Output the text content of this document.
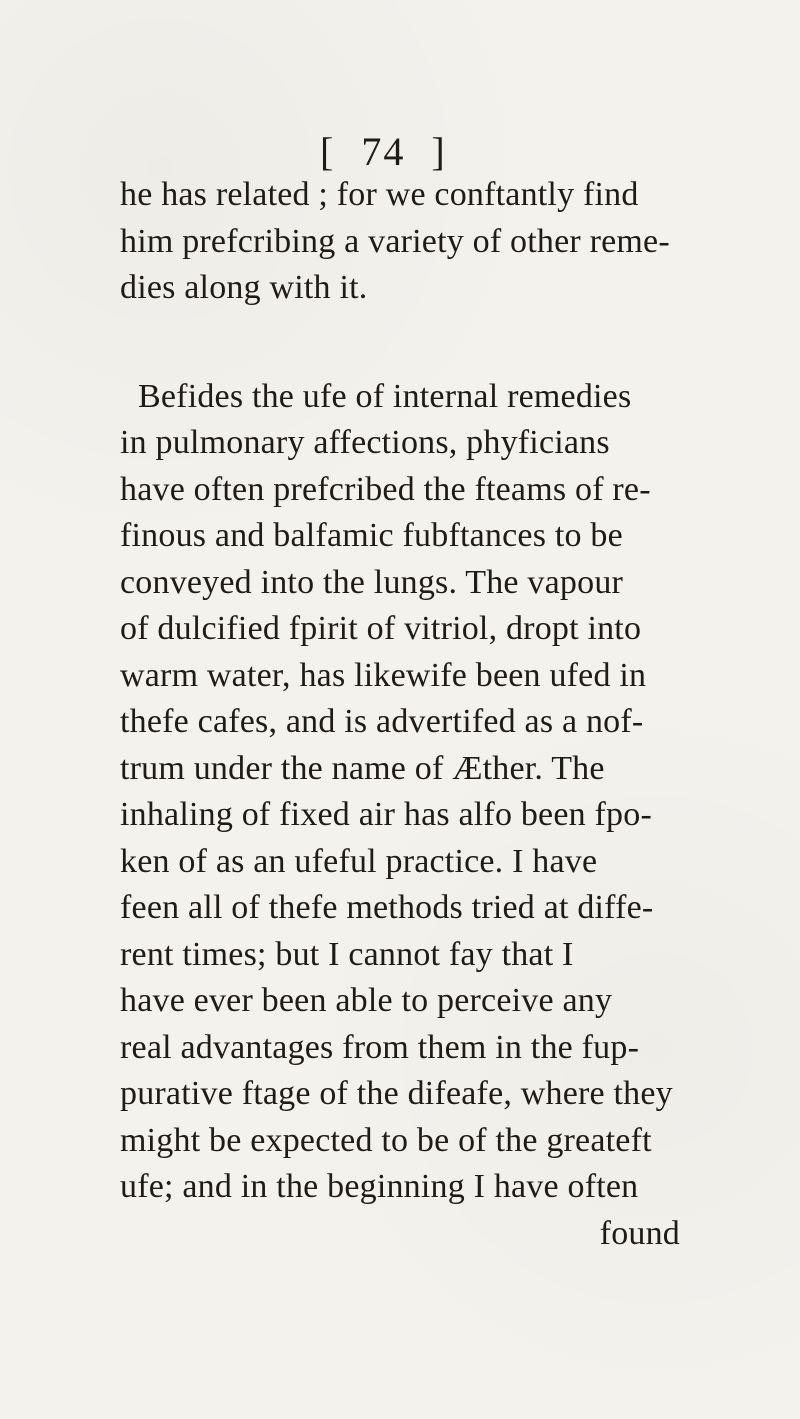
[ 74 ]
he has related ; for we conftantly find
him prefcribing a variety of other reme-
dies along with it.
Befides the ufe of internal remedies
in pulmonary affections, phyficians
have often prefcribed the fteams of re-
finous and balfamic fubftances to be
conveyed into the lungs. The vapour
of dulcified fpirit of vitriol, dropt into
warm water, has likewife been ufed in
thefe cafes, and is advertifed as a nof-
trum under the name of Æther. The
inhaling of fixed air has alfo been fpo-
ken of as an ufeful practice. I have
feen all of thefe methods tried at diffe-
rent times; but I cannot fay that I
have ever been able to perceive any
real advantages from them in the fup-
purative ftage of the difeafe, where they
might be expected to be of the greateft
ufe; and in the beginning I have often
found
